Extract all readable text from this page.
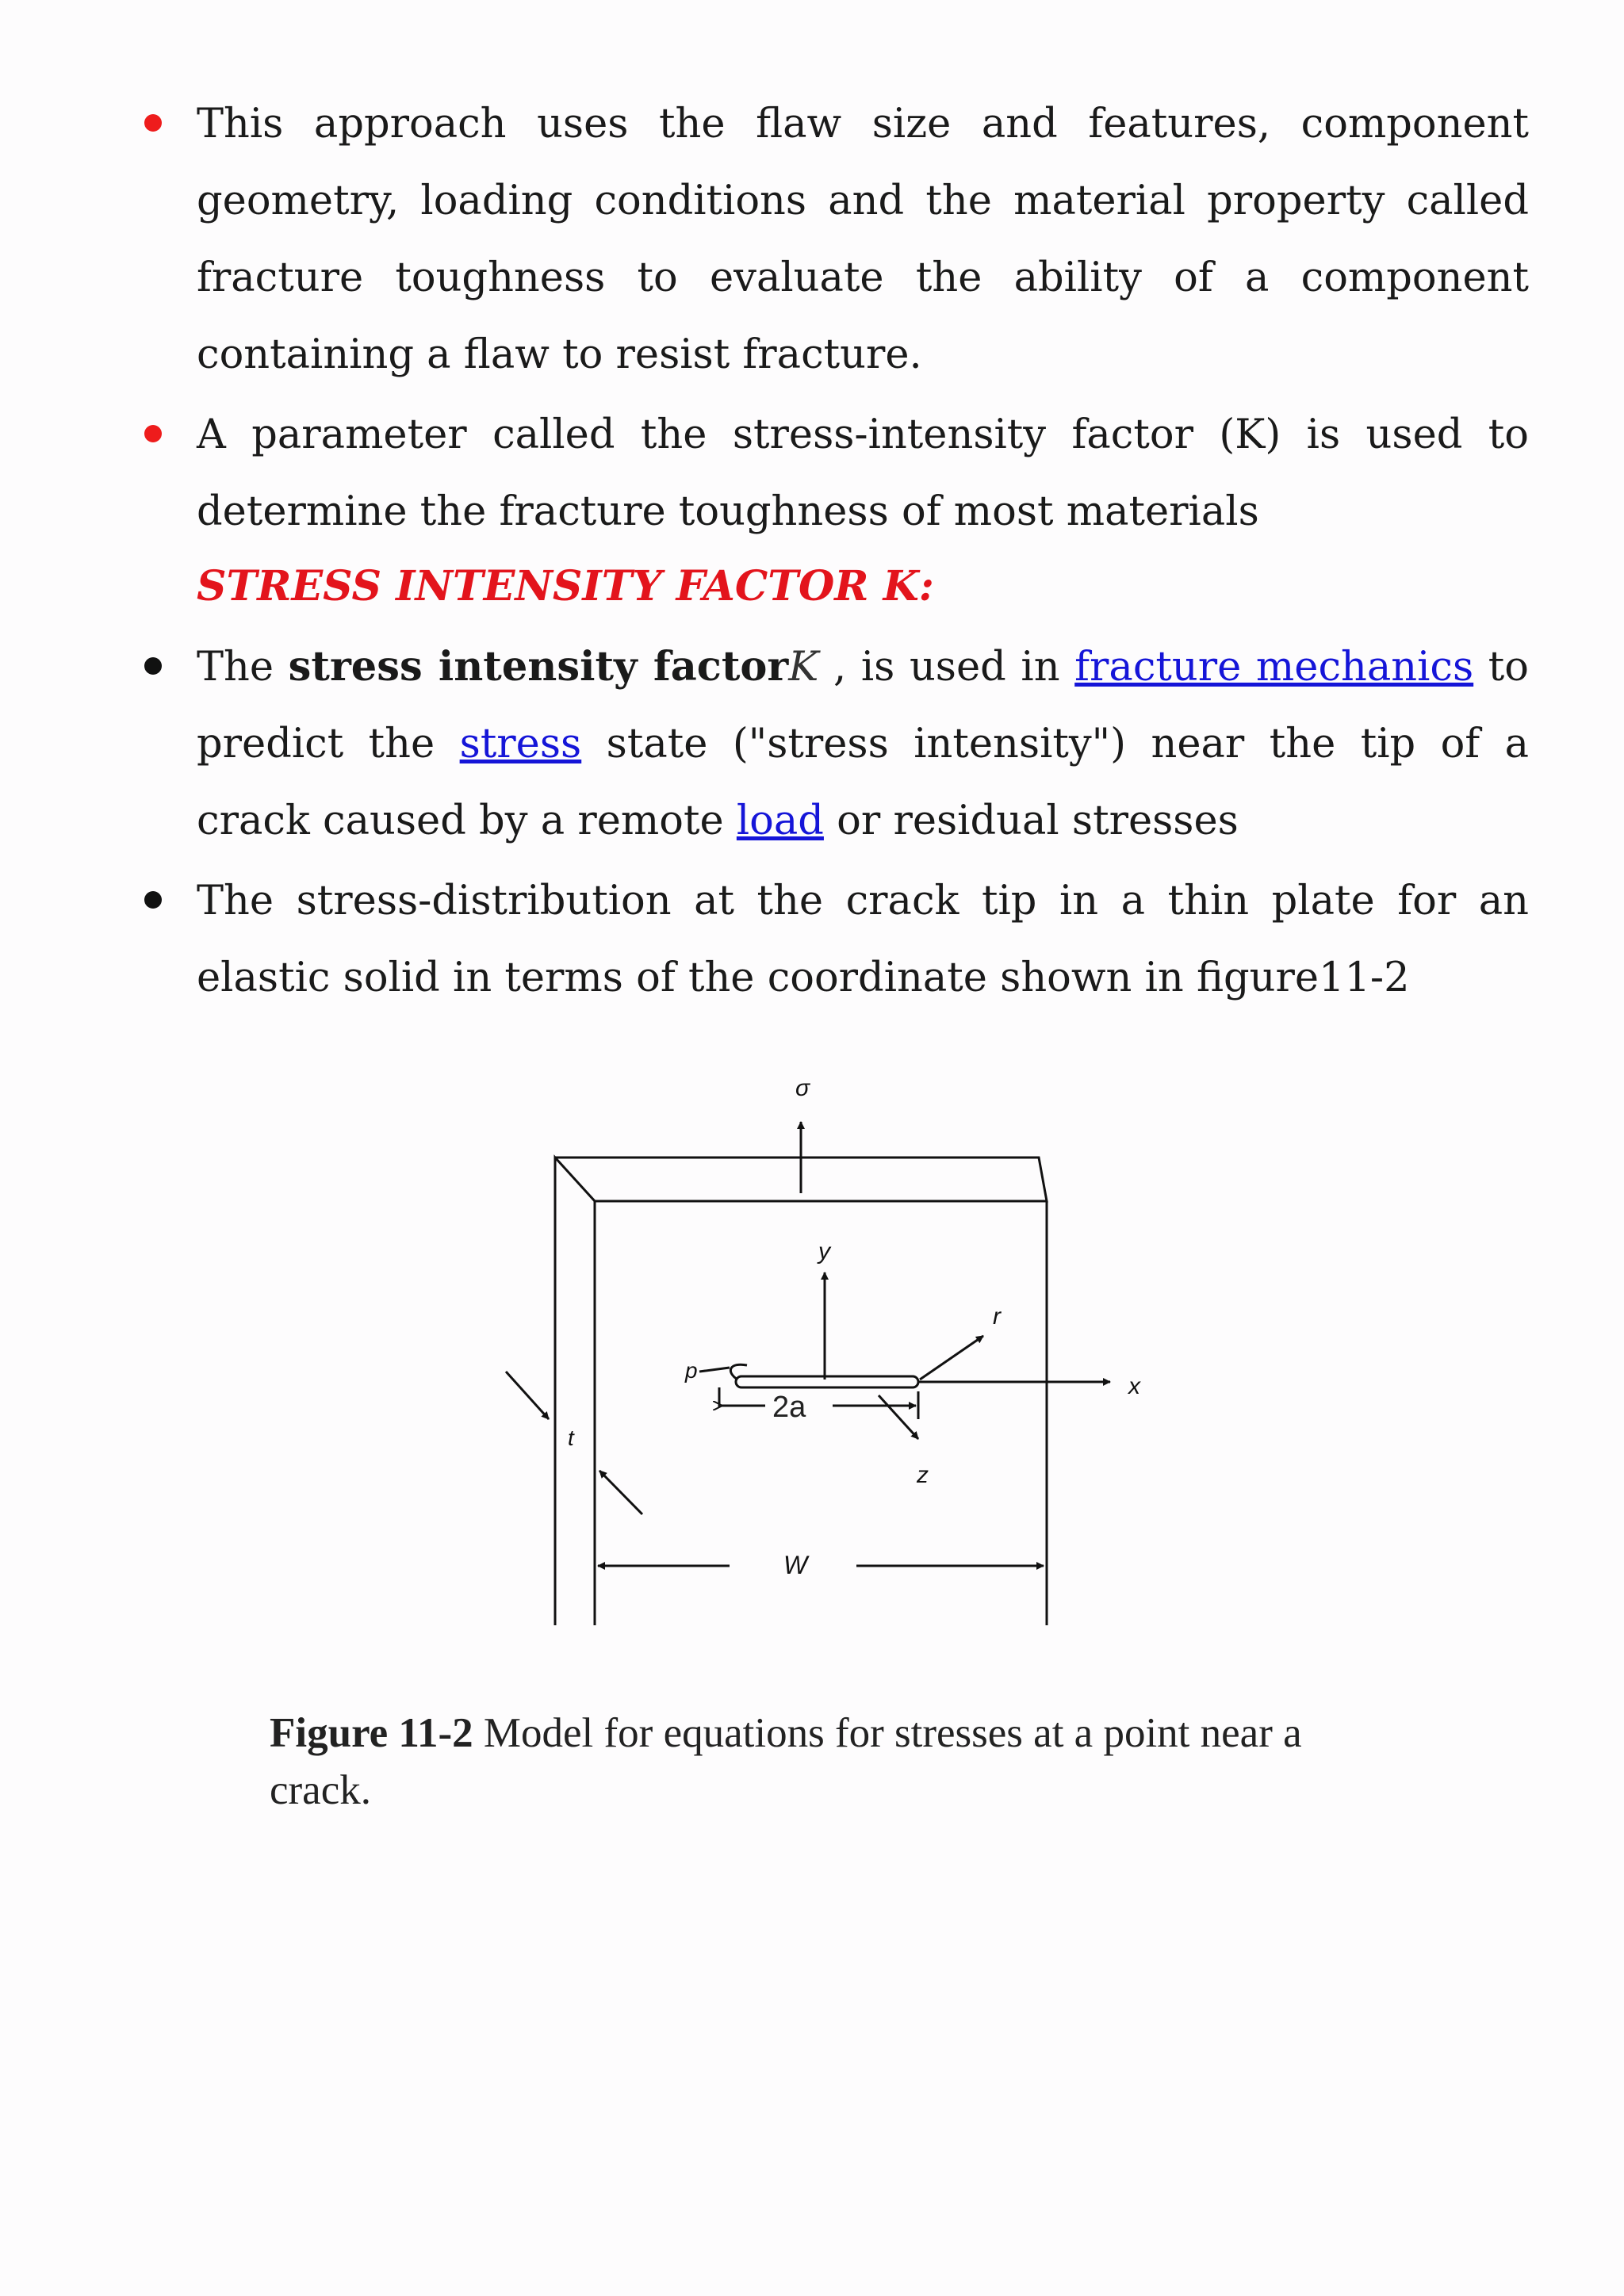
This approach uses the flaw size and features, component geometry, loading conditions and the material property called fracture toughness to evaluate the ability of a component containing a flaw to resist fracture.
A parameter called the stress-intensity factor (K) is used to determine the fracture toughness of most materials
STRESS INTENSITY FACTOR K:
The stress intensity factorK , is used in fracture mechanics to predict the stress state ("stress intensity") near the tip of a crack caused by a remote load or residual stresses
The stress-distribution at the crack tip in a thin plate for an elastic solid in terms of the coordinate shown in figure11-2
σ
y
r
x
p
t
z
W
2a
Figure 11-2 Model for equations for stresses at a point near a crack.
